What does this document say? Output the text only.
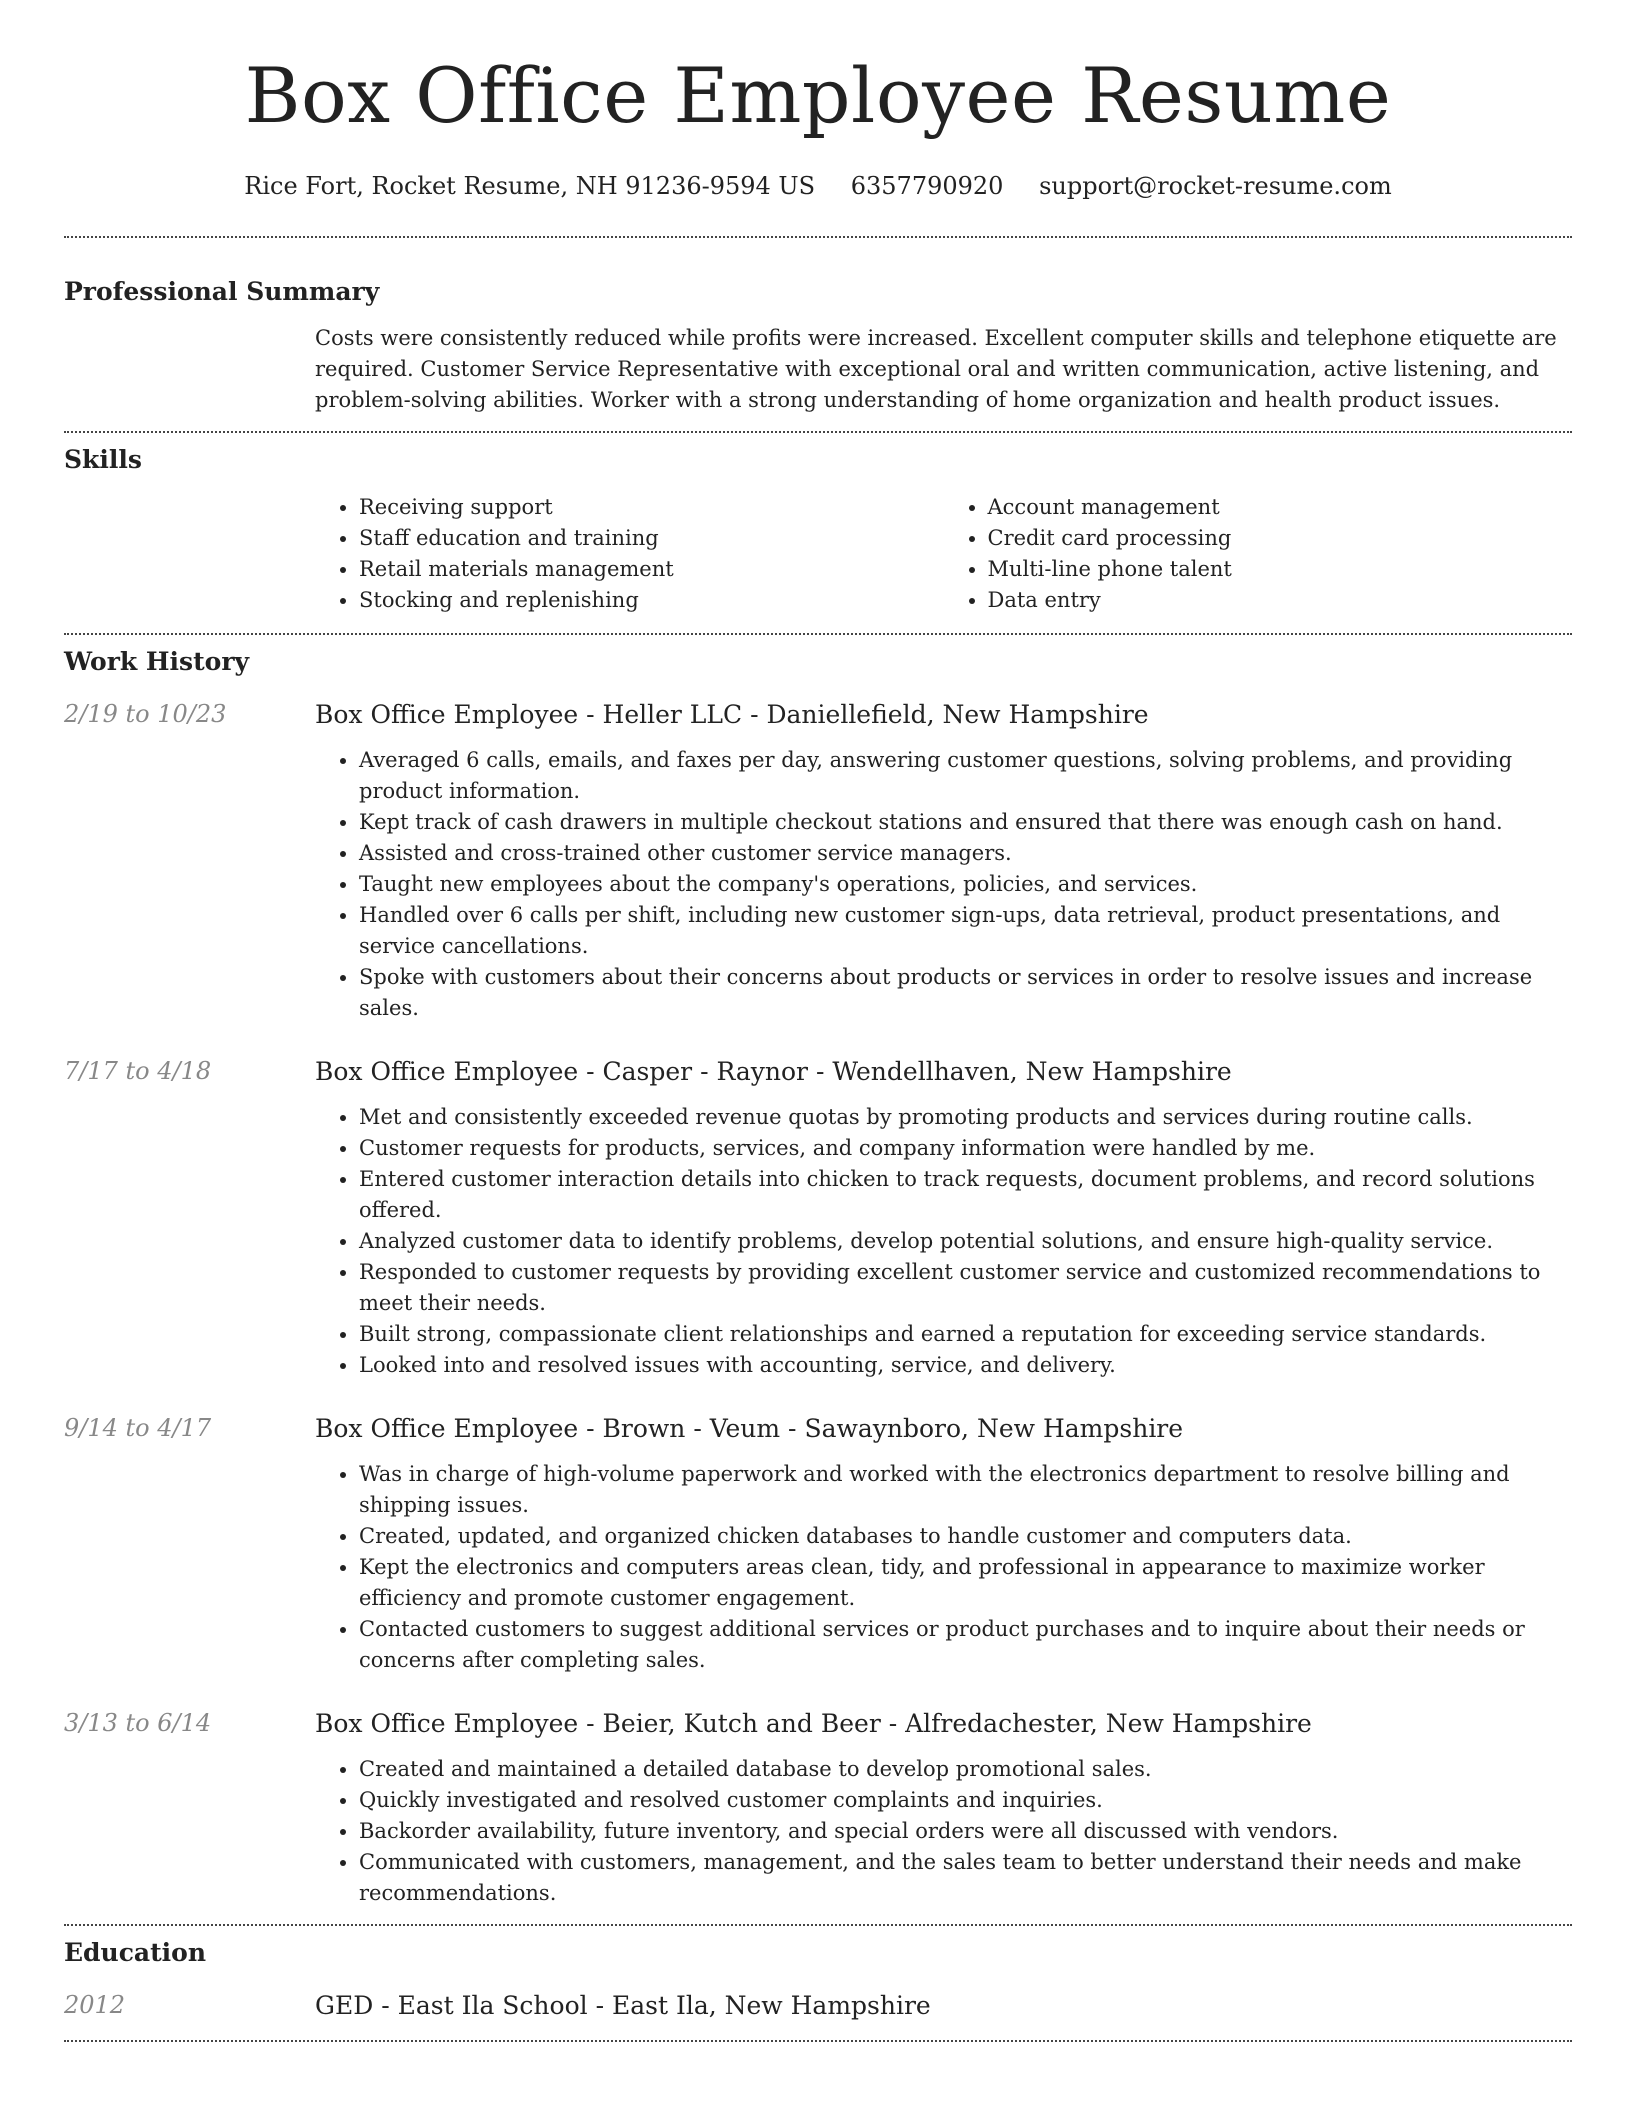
Box Office Employee Resume
Rice Fort, Rocket Resume, NH 91236-9594 US 6357790920 support@rocket-resume.com
Professional Summary

Costs were consistently reduced while profits were increased. Excellent computer skills and telephone etiquette are required. Customer Service Representative with exceptional oral and written communication, active listening, and problem-solving abilities. Worker with a strong understanding of home organization and health product issues.

Skills
• Receiving support
• Staff education and training
• Retail materials management
• Stocking and replenishing
• Account management
• Credit card processing
• Multi-line phone talent
• Data entry
Work History
2/19 to 10/23	Box Office Employee - Heller LLC - Daniellefield, New Hampshire
• Averaged 6 calls, emails, and faxes per day, answering customer questions, solving problems, and providing product information.
• Kept track of cash drawers in multiple checkout stations and ensured that there was enough cash on hand.
• Assisted and cross-trained other customer service managers.
• Taught new employees about the company's operations, policies, and services.
• Handled over 6 calls per shift, including new customer sign-ups, data retrieval, product presentations, and service cancellations.
• Spoke with customers about their concerns about products or services in order to resolve issues and increase sales.
7/17 to 4/18	Box Office Employee - Casper - Raynor - Wendellhaven, New Hampshire
• Met and consistently exceeded revenue quotas by promoting products and services during routine calls.
• Customer requests for products, services, and company information were handled by me.
• Entered customer interaction details into chicken to track requests, document problems, and record solutions offered.
• Analyzed customer data to identify problems, develop potential solutions, and ensure high-quality service.
• Responded to customer requests by providing excellent customer service and customized recommendations to meet their needs.
• Built strong, compassionate client relationships and earned a reputation for exceeding service standards.
• Looked into and resolved issues with accounting, service, and delivery.
9/14 to 4/17	Box Office Employee - Brown - Veum - Sawaynboro, New Hampshire
• Was in charge of high-volume paperwork and worked with the electronics department to resolve billing and shipping issues.
• Created, updated, and organized chicken databases to handle customer and computers data.
• Kept the electronics and computers areas clean, tidy, and professional in appearance to maximize worker efficiency and promote customer engagement.
• Contacted customers to suggest additional services or product purchases and to inquire about their needs or concerns after completing sales.
3/13 to 6/14	Box Office Employee - Beier, Kutch and Beer - Alfredachester, New Hampshire
• Created and maintained a detailed database to develop promotional sales.
• Quickly investigated and resolved customer complaints and inquiries.
• Backorder availability, future inventory, and special orders were all discussed with vendors.
• Communicated with customers, management, and the sales team to better understand their needs and make recommendations.
Education
2012	GED - East Ila School - East Ila, New Hampshire
